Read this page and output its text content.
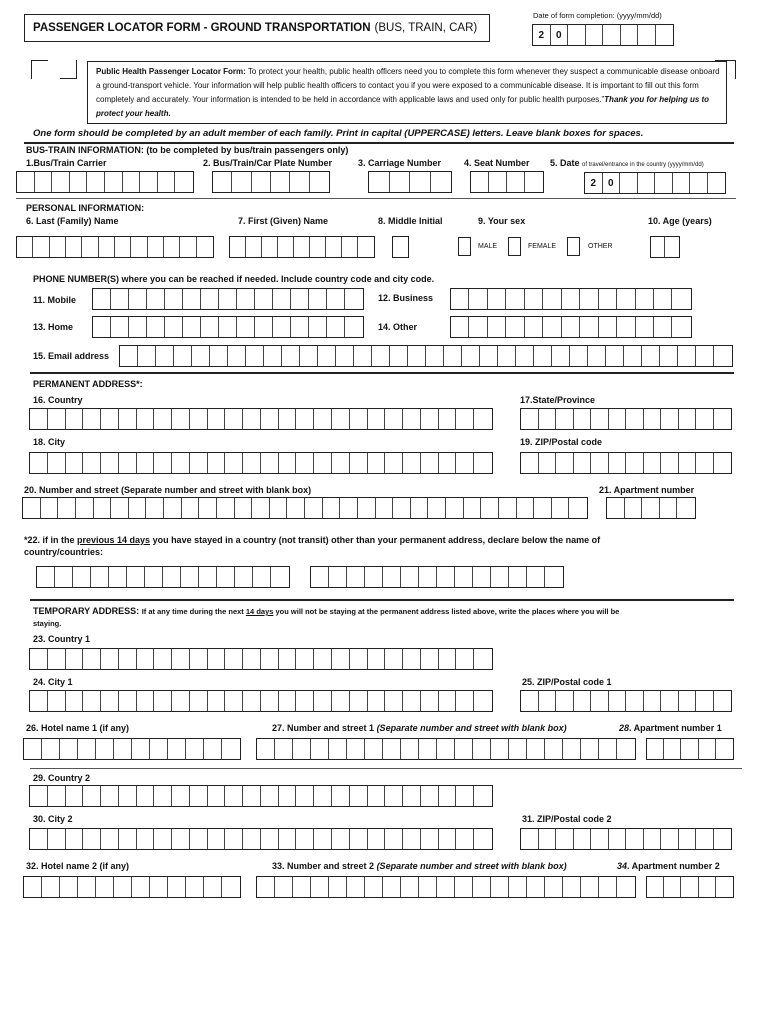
PASSENGER LOCATOR FORM - GROUND TRANSPORTATION (BUS, TRAIN, CAR)
Date of form completion: (yyyy/mm/dd)
2	0
Public Health Passenger Locator Form: To protect your health, public health officers need you to complete this form whenever they suspect a communicable disease onboard a ground-transport vehicle. Your information will help public health officers to contact you if you were exposed to a communicable disease. It is important to fill out this form completely and accurately. Your information is intended to be held in accordance with applicable laws and used only for public health purposes.”Thank you for helping us to protect your health.
One form should be completed by an adult member of each family. Print in capital (UPPERCASE) letters. Leave blank boxes for spaces.
BUS-TRAIN INFORMATION: (to be completed by bus/train passengers only)
1.Bus/Train Carrier	2. Bus/Train/Car Plate Number	3. Carriage Number	4. Seat Number 5. Date of travel/entrance in the country (yyyy/mm/dd)
2	0
PERSONAL INFORMATION:
6. Last (Family) Name	7. First (Given) Name	8. Middle Initial	9. Your sex	10. Age (years)
MALE	FEMALE	OTHER
PHONE NUMBER(S) where you can be reached if needed. Include country code and city code.
11. Mobile	12. Business
13. Home	14. Other
15. Email address
PERMANENT ADDRESS*:
16. Country	17.State/Province
18. City	19. ZIP/Postal code
20. Number and street (Separate number and street with blank box)	21. Apartment number
*22. if in the previous 14 days you have stayed in a country (not transit) other than your permanent address, declare below the name of
country/countries:
TEMPORARY ADDRESS: If at any time during the next 14 days you will not be staying at the permanent address listed above, write the places where you will be
staying.
23. Country 1
24. City 1	25. ZIP/Postal code 1
26. Hotel name 1 (if any)	27. Number and street 1 (Separate number and street with blank box)	28. Apartment number 1
29. Country 2
30. City 2	31. ZIP/Postal code 2
32. Hotel name 2 (if any)	33. Number and street 2 (Separate number and street with blank box)	34. Apartment number 2
